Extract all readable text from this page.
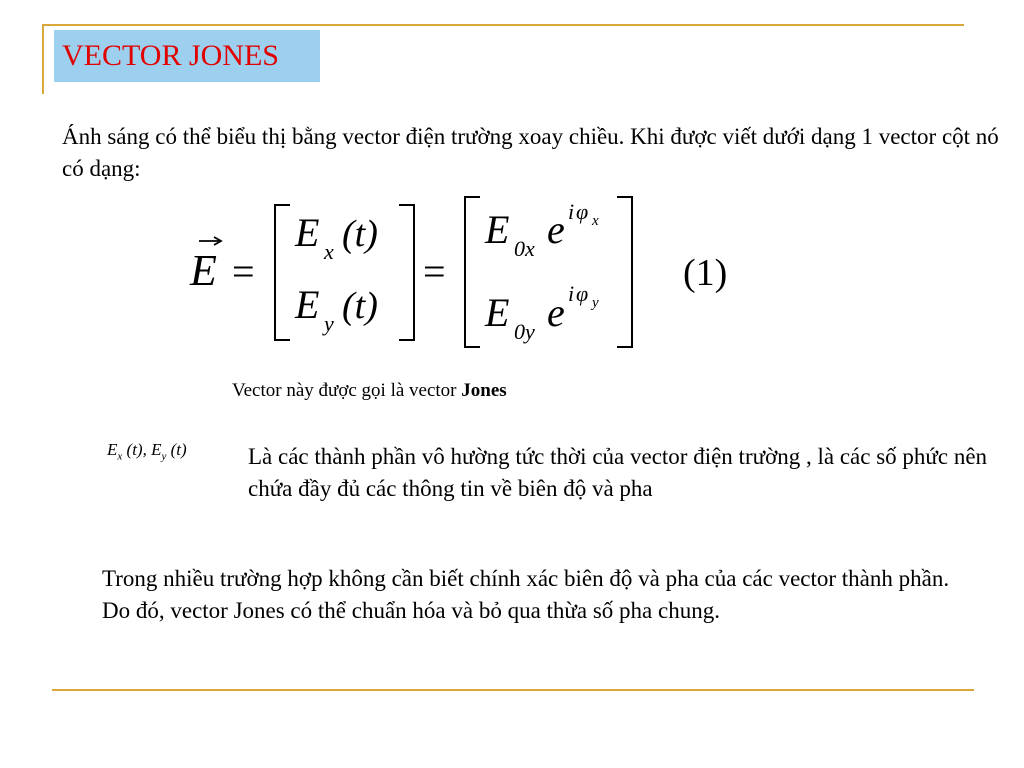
VECTOR JONES
Ánh sáng có thể biểu thị bằng vector điện trường xoay chiều. Khi được viết dưới dạng 1 vector cột nó có dạng:
E =
E x (t)
E y (t)
=
E 0x e i φ x
E 0y e i φ y
(1)
Vector này được gọi là vector Jones
$E_x$ (t), $E_y$ (t)	Là các thành phần vô hường tức thời của vector điện trường , là các số phức nên chứa đầy đủ các thông tin về biên độ và pha
Trong nhiều trường hợp không cần biết chính xác biên độ và pha của các vector thành phần. Do đó, vector Jones có thể chuẩn hóa và bỏ qua thừa số pha chung.
